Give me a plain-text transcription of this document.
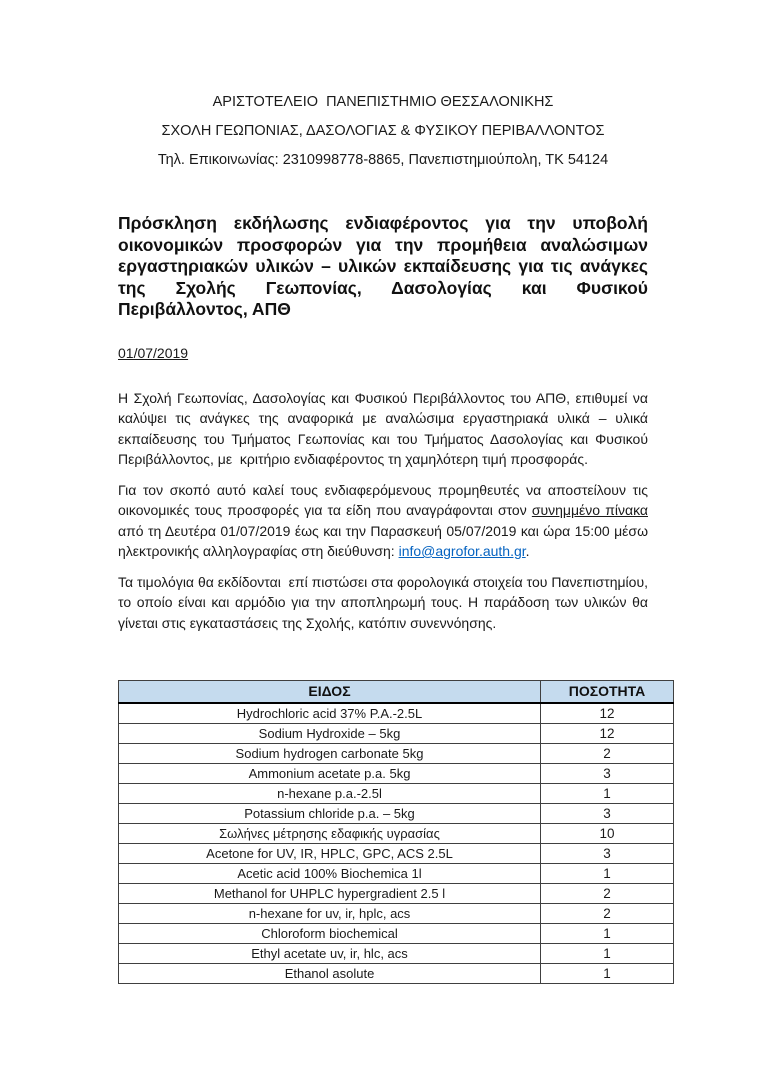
ΑΡΙΣΤΟΤΕΛΕΙΟ  ΠΑΝΕΠΙΣΤΗΜΙΟ ΘΕΣΣΑΛΟΝΙΚΗΣ

ΣΧΟΛΗ ΓΕΩΠΟΝΙΑΣ, ΔΑΣΟΛΟΓΙΑΣ & ΦΥΣΙΚΟΥ ΠΕΡΙΒΑΛΛΟΝΤΟΣ

Τηλ. Επικοινωνίας: 2310998778-8865, Πανεπιστημιούπολη, ΤΚ 54124

Πρόσκληση εκδήλωσης ενδιαφέροντος για την υποβολή οικονομικών προσφορών για την προμήθεια αναλώσιμων εργαστηριακών υλικών – υλικών εκπαίδευσης για τις ανάγκες της Σχολής Γεωπονίας, Δασολογίας και Φυσικού Περιβάλλοντος, ΑΠΘ

01/07/2019

Η Σχολή Γεωπονίας, Δασολογίας και Φυσικού Περιβάλλοντος του ΑΠΘ, επιθυμεί να καλύψει τις ανάγκες της αναφορικά με αναλώσιμα εργαστηριακά υλικά – υλικά εκπαίδευσης του Τμήματος Γεωπονίας και του Τμήματος Δασολογίας και Φυσικού Περιβάλλοντος, με  κριτήριο ενδιαφέροντος τη χαμηλότερη τιμή προσφοράς.

Για τον σκοπό αυτό καλεί τους ενδιαφερόμενους προμηθευτές να αποστείλουν τις οικονομικές τους προσφορές για τα είδη που αναγράφονται στον συνημμένο πίνακα από τη Δευτέρα 01/07/2019 έως και την Παρασκευή 05/07/2019 και ώρα 15:00 μέσω ηλεκτρονικής αλληλογραφίας στη διεύθυνση: info@agrofor.auth.gr.

Τα τιμολόγια θα εκδίδονται  επί πιστώσει στα φορολογικά στοιχεία του Πανεπιστημίου, το οποίο είναι και αρμόδιο για την αποπληρωμή τους. Η παράδοση των υλικών θα γίνεται στις εγκαταστάσεις της Σχολής, κατόπιν συνεννόησης.

ΕΙΔΟΣ	ΠΟΣΟΤΗΤΑ
Hydrochloric acid 37% P.A.-2.5L	12
Sodium Hydroxide – 5kg	12
Sodium hydrogen carbonate 5kg	2
Ammonium acetate p.a. 5kg	3
n-hexane p.a.-2.5l	1
Potassium chloride p.a. – 5kg	3
Σωλήνες μέτρησης εδαφικής υγρασίας	10
Acetone for UV, IR, HPLC, GPC, ACS 2.5L	3
Acetic acid 100% Biochemica 1l	1
Methanol for UHPLC hypergradient 2.5 l	2
n-hexane for uv, ir, hplc, acs	2
Chloroform biochemical	1
Ethyl acetate uv, ir, hlc, acs	1
Ethanol asolute	1
